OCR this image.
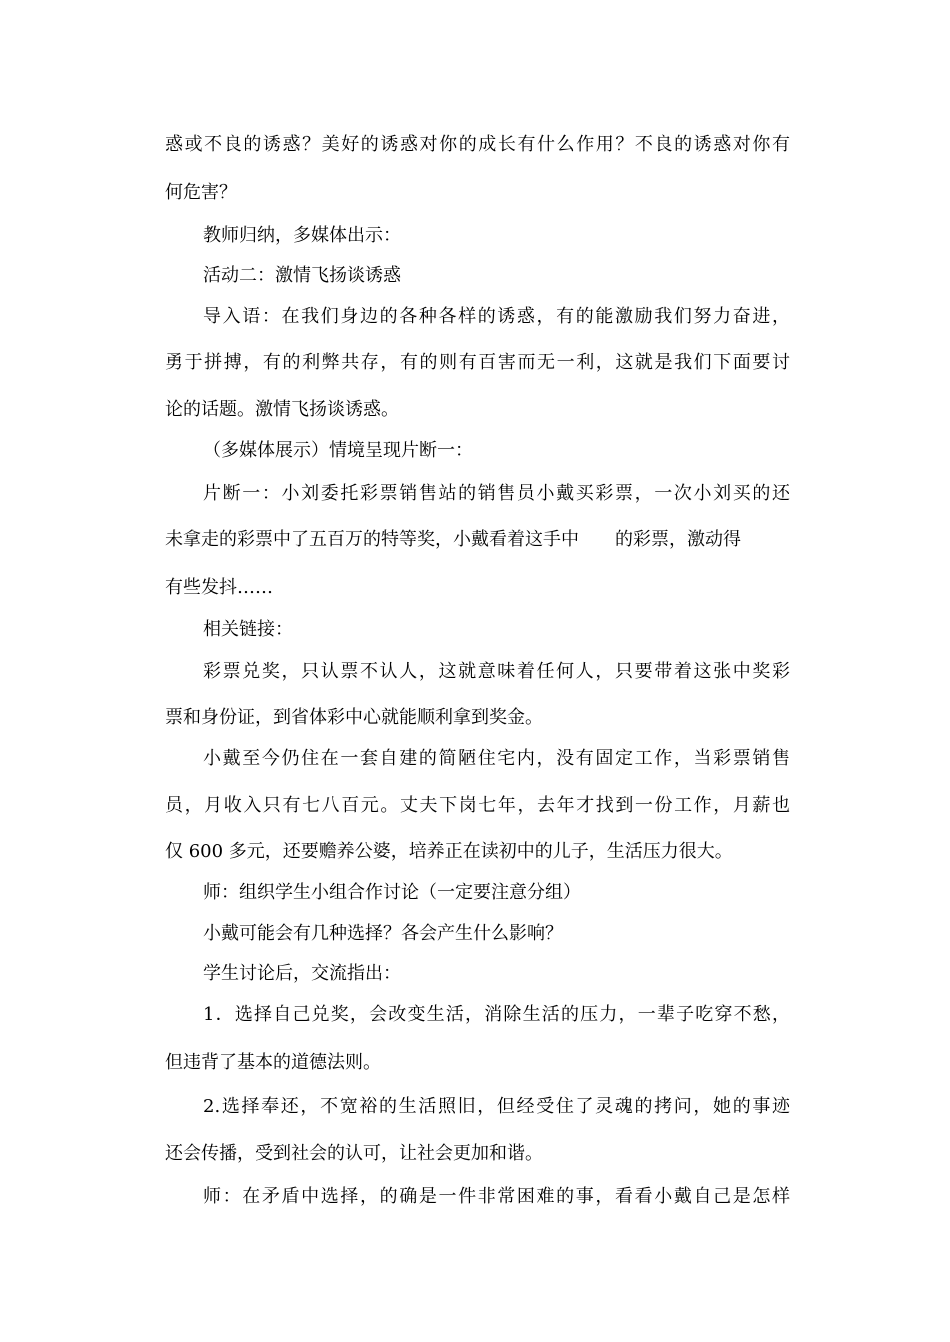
惑或不良的诱惑？美好的诱惑对你的成长有什么作用？不良的诱惑对你有
何危害？
教师归纳，多媒体出示：
活动二：激情飞扬谈诱惑
导入语：在我们身边的各种各样的诱惑，有的能激励我们努力奋进，
勇于拼搏，有的利弊共存，有的则有百害而无一利，这就是我们下面要讨
论的话题。激情飞扬谈诱惑。
（多媒体展示）情境呈现片断一：
片断一：小刘委托彩票销售站的销售员小戴买彩票，一次小刘买的还
未拿走的彩票中了五百万的特等奖，小戴看着这手中 的彩票，激动得
有些发抖……
相关链接：
彩票兑奖，只认票不认人，这就意味着任何人，只要带着这张中奖彩
票和身份证，到省体彩中心就能顺利拿到奖金。
小戴至今仍住在一套自建的简陋住宅内，没有固定工作，当彩票销售
员，月收入只有七八百元。丈夫下岗七年，去年才找到一份工作，月薪也
仅 600 多元，还要赡养公婆，培养正在读初中的儿子，生活压力很大。
师：组织学生小组合作讨论（一定要注意分组）
小戴可能会有几种选择？各会产生什么影响？
学生讨论后，交流指出：
1．选择自己兑奖，会改变生活，消除生活的压力，一辈子吃穿不愁，
但违背了基本的道德法则。
2.选择奉还，不宽裕的生活照旧，但经受住了灵魂的拷问，她的事迹
还会传播，受到社会的认可，让社会更加和谐。
师：在矛盾中选择，的确是一件非常困难的事，看看小戴自己是怎样
